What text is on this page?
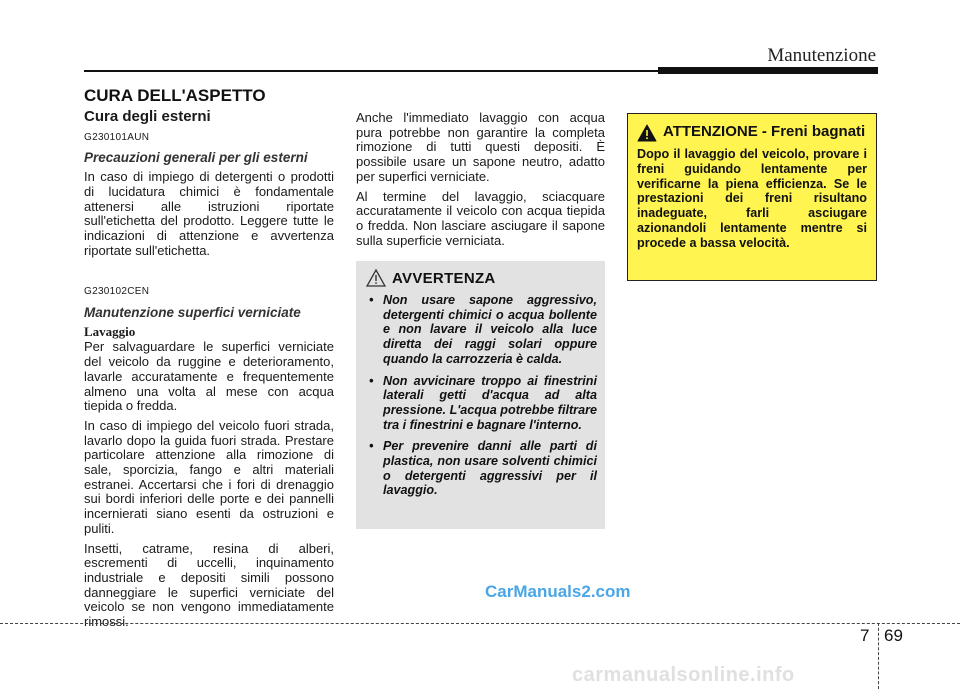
Manutenzione
CURA DELL'ASPETTO
Cura degli esterni
G230101AUN
Precauzioni generali per gli esterni
In caso di impiego di detergenti o prodotti di lucidatura chimici è fondamentale attenersi alle istruzioni riportate sull'etichetta del prodotto. Leggere tutte le indicazioni di attenzione e avvertenza riportate sull'etichetta.
G230102CEN
Manutenzione superfici verniciate
Lavaggio
Per salvaguardare le superfici verniciate del veicolo da ruggine e deterioramento, lavarle accuratamente e frequentemente almeno una volta al mese con acqua tiepida o fredda.
In caso di impiego del veicolo fuori strada, lavarlo dopo la guida fuori strada. Prestare particolare attenzione alla rimozione di sale, sporcizia, fango e altri materiali estranei. Accertarsi che i fori di drenaggio sui bordi inferiori delle porte e dei pannelli incernierati siano esenti da ostruzioni e puliti.
Insetti, catrame, resina di alberi, escrementi di uccelli, inquinamento industriale e depositi simili possono danneggiare le superfici verniciate del veicolo se non vengono immediatamente rimossi.
Anche l'immediato lavaggio con acqua pura potrebbe non garantire la completa rimozione di tutti questi depositi. È possibile usare un sapone neutro, adatto per superfici verniciate.
Al termine del lavaggio, sciacquare accuratamente il veicolo con acqua tiepida o fredda. Non lasciare asciugare il sapone sulla superficie verniciata.
AVVERTENZA
• Non usare sapone aggressivo, detergenti chimici o acqua bollente e non lavare il veicolo alla luce diretta dei raggi solari oppure quando la carrozzeria è calda.
• Non avvicinare troppo ai finestrini laterali getti d'acqua ad alta pressione. L'acqua potrebbe filtrare tra i finestrini e bagnare l'interno.
• Per prevenire danni alle parti di plastica, non usare solventi chimici o detergenti aggressivi per il lavaggio.
ATTENZIONE - Freni bagnati
Dopo il lavaggio del veicolo, provare i freni guidando lentamente per verificarne la piena efficienza. Se le prestazioni dei freni risultano inadeguate, farli asciugare azionandoli lentamente mentre si procede a bassa velocità.
CarManuals2.com
7 69
carmanualsonline.info
